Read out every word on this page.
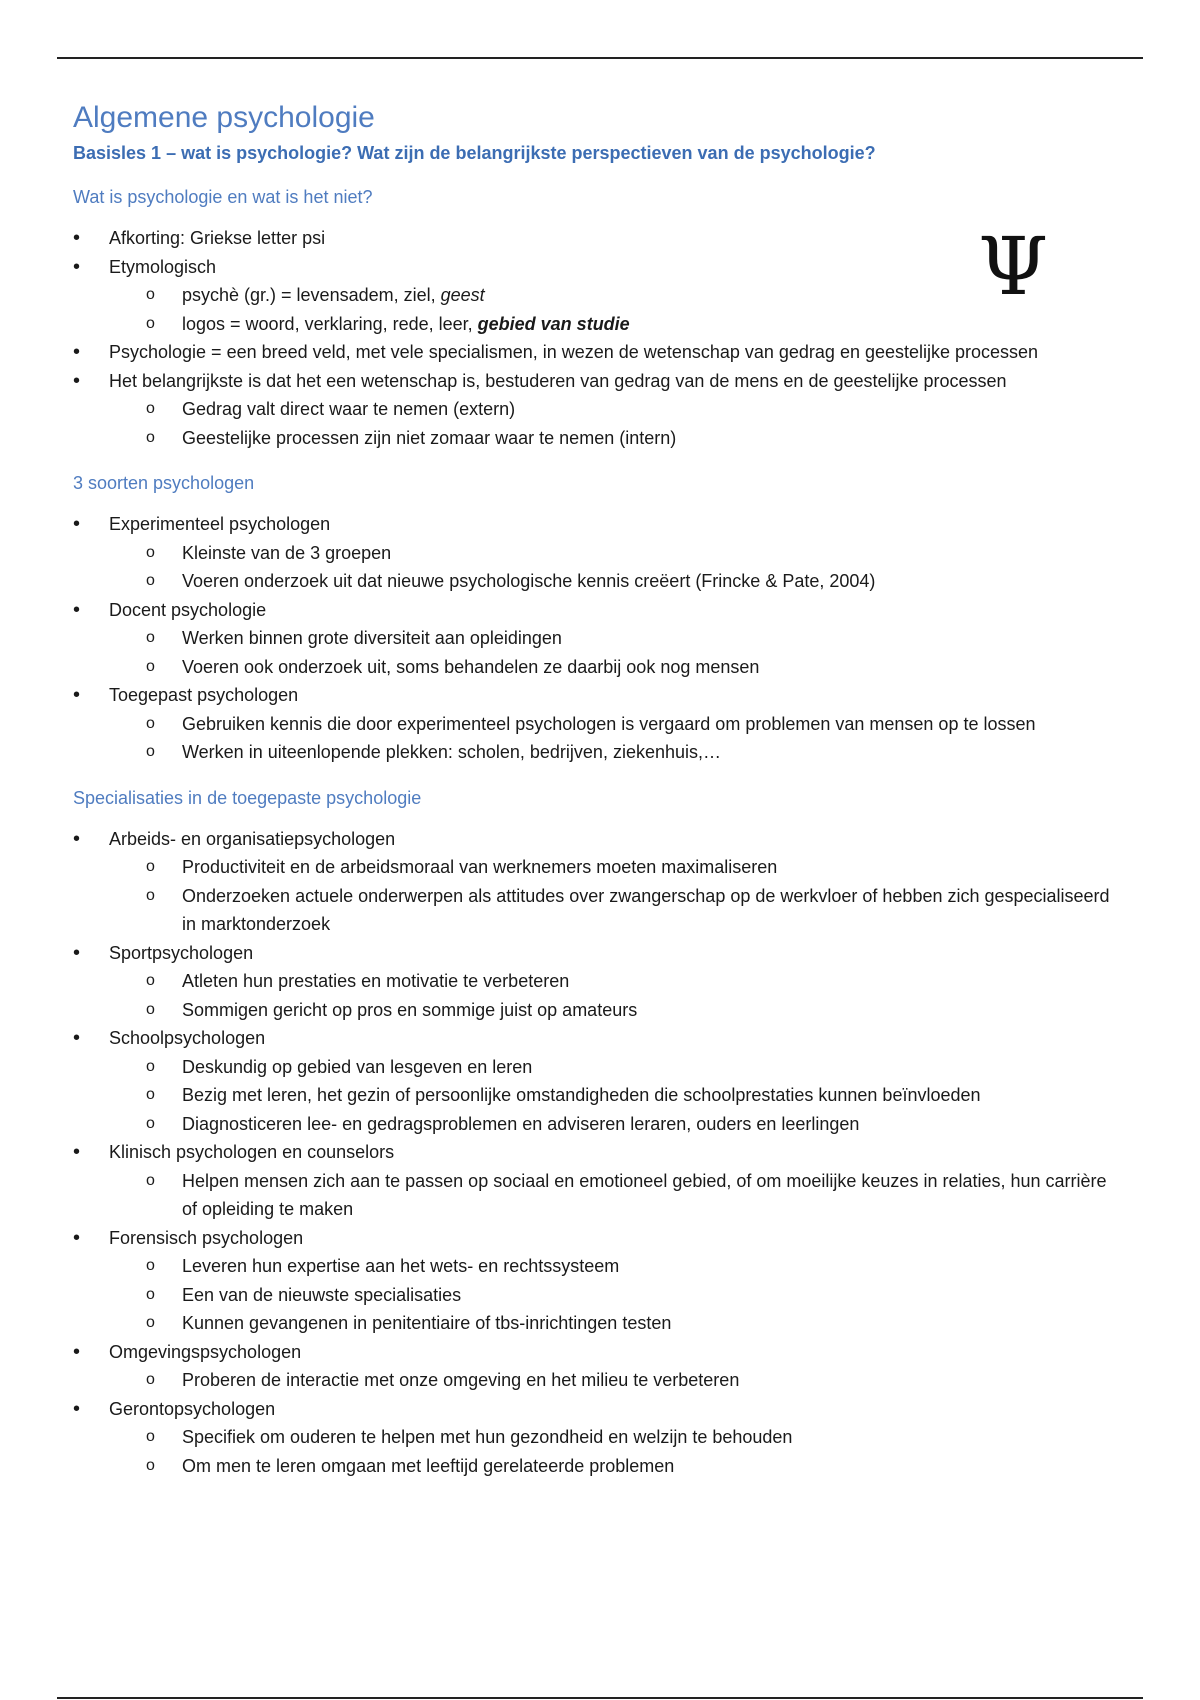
Ψ
Algemene psychologie

Basisles 1 – wat is psychologie? Wat zijn de belangrijkste perspectieven van de psychologie?

Wat is psychologie en wat is het niet?
• Afkorting: Griekse letter psi
• Etymologisch
o psychè (gr.) = levensadem, ziel, geest
o logos = woord, verklaring, rede, leer, gebied van studie
• Psychologie = een breed veld, met vele specialismen, in wezen de wetenschap van gedrag en geestelijke processen
• Het belangrijkste is dat het een wetenschap is, bestuderen van gedrag van de mens en de geestelijke processen
o Gedrag valt direct waar te nemen (extern)
o Geestelijke processen zijn niet zomaar waar te nemen (intern)
3 soorten psychologen
• Experimenteel psychologen
o Kleinste van de 3 groepen
o Voeren onderzoek uit dat nieuwe psychologische kennis creëert (Frincke & Pate, 2004)
• Docent psychologie
o Werken binnen grote diversiteit aan opleidingen
o Voeren ook onderzoek uit, soms behandelen ze daarbij ook nog mensen
• Toegepast psychologen
o Gebruiken kennis die door experimenteel psychologen is vergaard om problemen van mensen op te lossen
o Werken in uiteenlopende plekken: scholen, bedrijven, ziekenhuis,…
Specialisaties in de toegepaste psychologie
• Arbeids- en organisatiepsychologen
o Productiviteit en de arbeidsmoraal van werknemers moeten maximaliseren
o Onderzoeken actuele onderwerpen als attitudes over zwangerschap op de werkvloer of hebben zich gespecialiseerd in marktonderzoek
• Sportpsychologen
o Atleten hun prestaties en motivatie te verbeteren
o Sommigen gericht op pros en sommige juist op amateurs
• Schoolpsychologen
o Deskundig op gebied van lesgeven en leren
o Bezig met leren, het gezin of persoonlijke omstandigheden die schoolprestaties kunnen beïnvloeden
o Diagnosticeren lee- en gedragsproblemen en adviseren leraren, ouders en leerlingen
• Klinisch psychologen en counselors
o Helpen mensen zich aan te passen op sociaal en emotioneel gebied, of om moeilijke keuzes in relaties, hun carrière of opleiding te maken
• Forensisch psychologen
o Leveren hun expertise aan het wets- en rechtssysteem
o Een van de nieuwste specialisaties
o Kunnen gevangenen in penitentiaire of tbs-inrichtingen testen
• Omgevingspsychologen
o Proberen de interactie met onze omgeving en het milieu te verbeteren
• Gerontopsychologen
o Specifiek om ouderen te helpen met hun gezondheid en welzijn te behouden
o Om men te leren omgaan met leeftijd gerelateerde problemen
